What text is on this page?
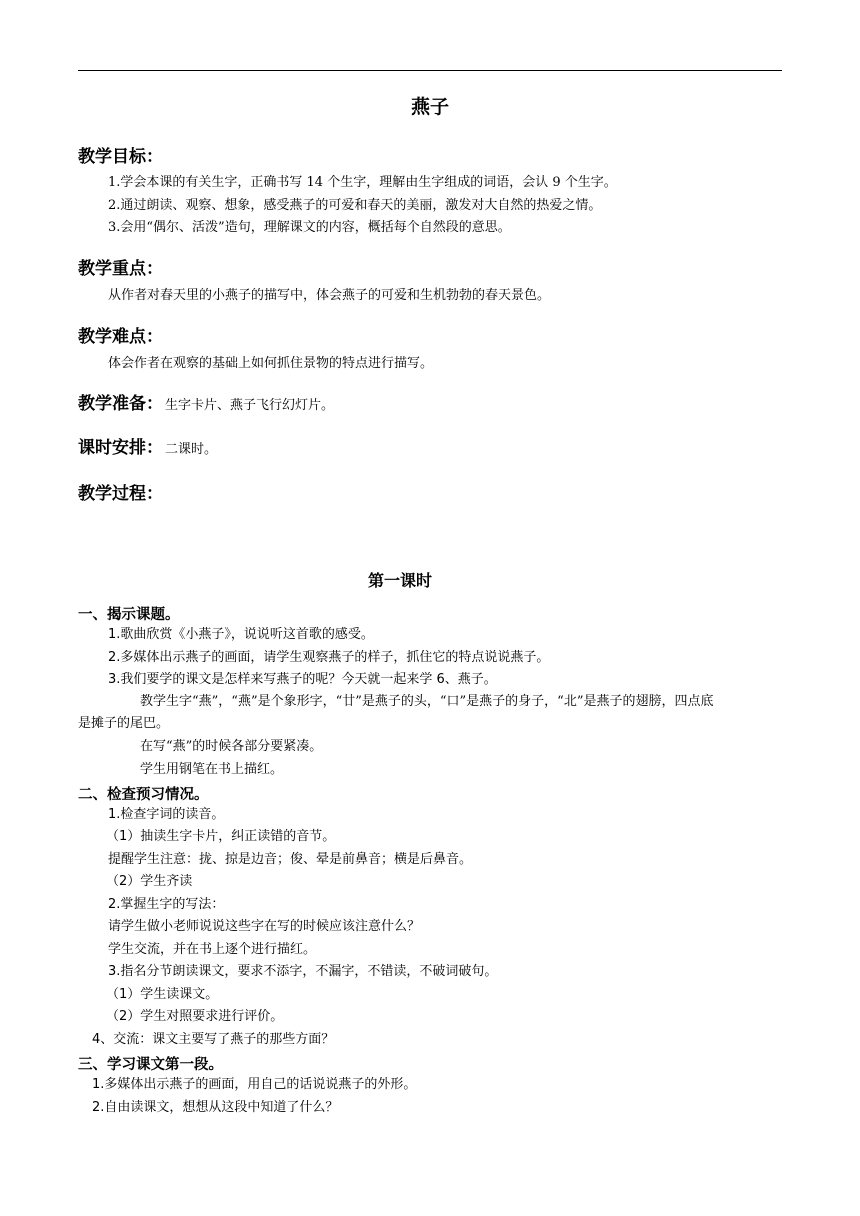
燕子
教学目标：
1.学会本课的有关生字，正确书写 14 个生字，理解由生字组成的词语，会认 9 个生字。
2.通过朗读、观察、想象，感受燕子的可爱和春天的美丽，激发对大自然的热爱之情。
3.会用“偶尔、活泼”造句，理解课文的内容，概括每个自然段的意思。
教学重点：
从作者对春天里的小燕子的描写中，体会燕子的可爱和生机勃勃的春天景色。
教学难点：
体会作者在观察的基础上如何抓住景物的特点进行描写。
教学准备： 生字卡片、燕子飞行幻灯片。
课时安排： 二课时。
教学过程：
第一课时
一、揭示课题。
1.歌曲欣赏《小燕子》，说说听这首歌的感受。
2.多媒体出示燕子的画面，请学生观察燕子的样子，抓住它的特点说说燕子。
3.我们要学的课文是怎样来写燕子的呢？今天就一起来学 6、燕子。
教学生字“燕”，“燕”是个象形字，“廿”是燕子的头，“口”是燕子的身子，“北”是燕子的翅膀，四点底
是摊子的尾巴。
在写“燕”的时候各部分要紧凑。
学生用钢笔在书上描红。
二、检查预习情况。
1.检查字词的读音。
（1）抽读生字卡片，纠正读错的音节。
提醒学生注意：拢、掠是边音；俊、晕是前鼻音；横是后鼻音。
（2）学生齐读
2.掌握生字的写法：
请学生做小老师说说这些字在写的时候应该注意什么？
学生交流，并在书上逐个进行描红。
3.指名分节朗读课文，要求不添字，不漏字，不错读，不破词破句。
（1）学生读课文。
（2）学生对照要求进行评价。
4、交流：课文主要写了燕子的那些方面？
三、学习课文第一段。
1.多媒体出示燕子的画面，用自己的话说说燕子的外形。
2.自由读课文，想想从这段中知道了什么？
